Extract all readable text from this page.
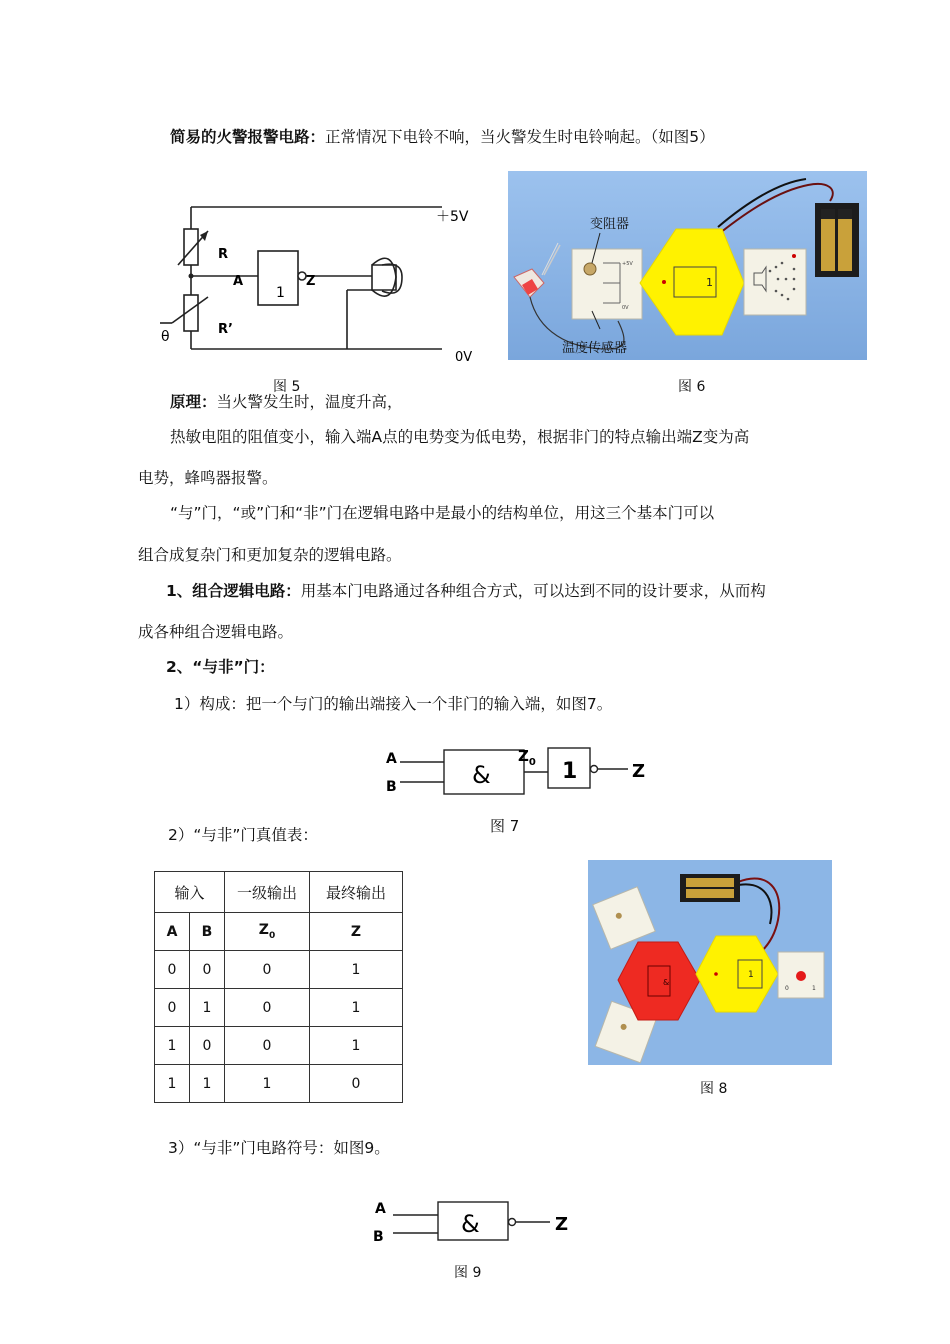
简易的火警报警电路：正常情况下电铃不响，当火警发生时电铃响起。（如图5）
＋5V
R
A
1
Z
θ	R’
0V
图 5
+5V
0V
1
变阻器
温度传感器
图 6
原理：当火警发生时，温度升高，
热敏电阻的阻值变小，输入端A点的电势变为低电势，根据非门的特点输出端Z变为高
电势，蜂鸣器报警。
“与”门，“或”门和“非”门在逻辑电路中是最小的结构单位，用这三个基本门可以
组合成复杂门和更加复杂的逻辑电路。
1、组合逻辑电路：用基本门电路通过各种组合方式，可以达到不同的设计要求，从而构
成各种组合逻辑电路。
2、“与非”门：
1）构成：把一个与门的输出端接入一个非门的输入端，如图7。
A
B	&
$Z_0$ 1	Z
图 7
2）“与非”门真值表：
输入		一级输出	最终输出
A	B	$Z_0$	Z
0	0	0	1
0	1	0	1
1	0	0	1
1	1	1	0
&
1
0	1
图 8
3）“与非”门电路符号：如图9。
A
B	&	Z
图 9
